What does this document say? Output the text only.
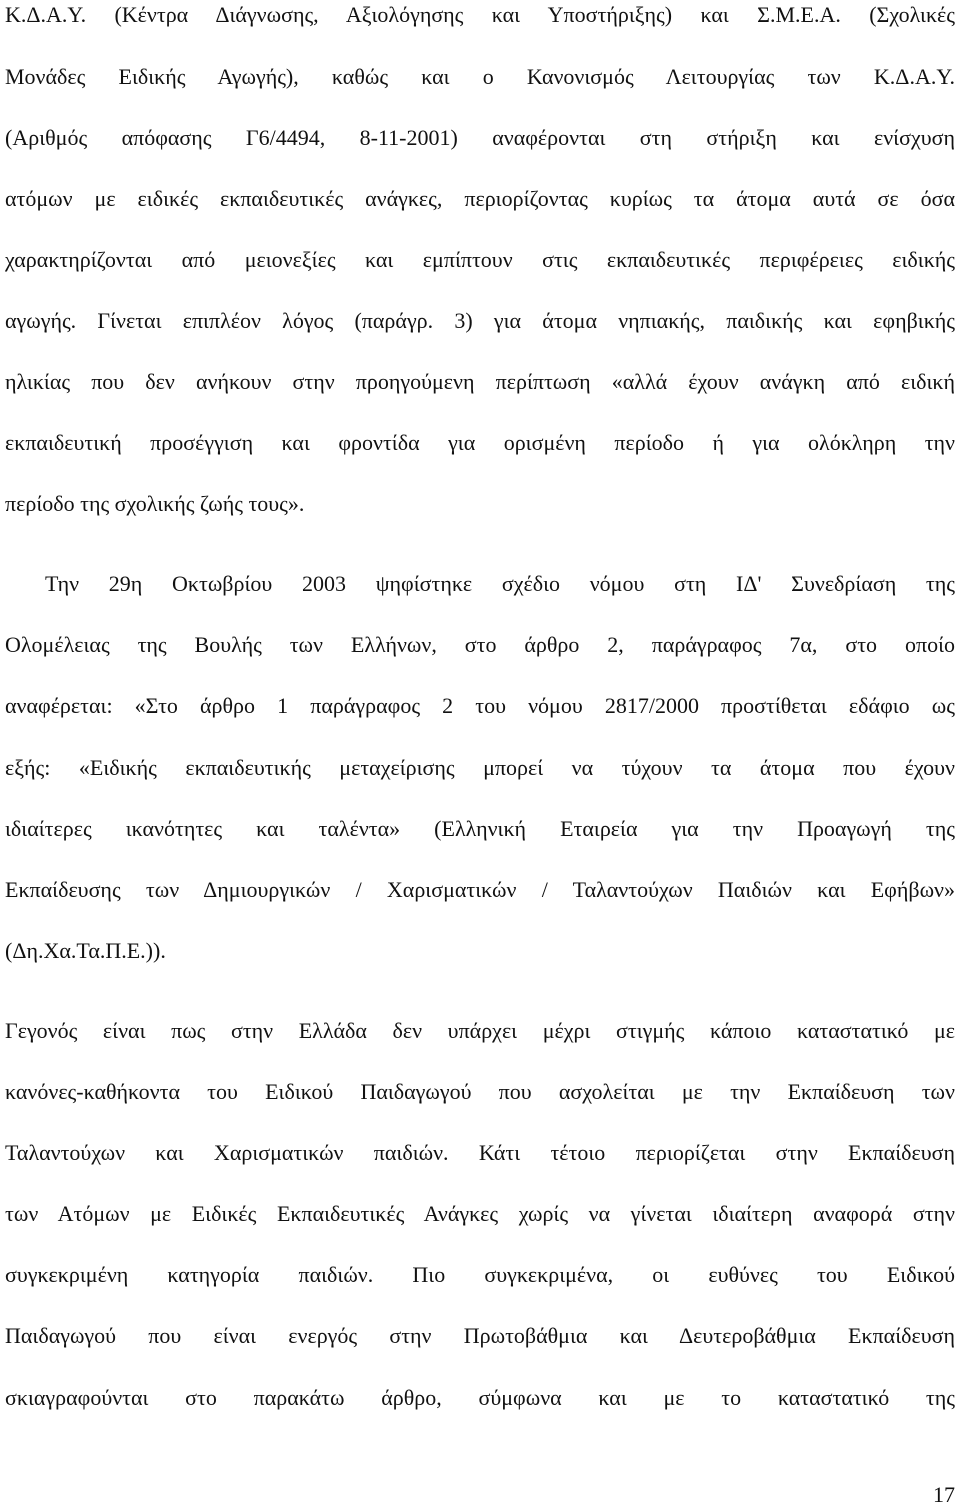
Κ.Δ.Α.Υ. (Κέντρα Διάγνωσης, Αξιολόγησης και Υποστήριξης) και Σ.Μ.Ε.Α. (Σχολικές

Μονάδες Ειδικής Αγωγής), καθώς και ο Κανονισμός Λειτουργίας των Κ.Δ.Α.Υ.

(Αριθμός απόφασης Γ6/4494, 8-11-2001) αναφέρονται στη στήριξη και ενίσχυση

ατόμων με ειδικές εκπαιδευτικές ανάγκες, περιορίζοντας κυρίως τα άτομα αυτά σε όσα

χαρακτηρίζονται από μειονεξίες και εμπίπτουν στις εκπαιδευτικές περιφέρειες ειδικής

αγωγής. Γίνεται επιπλέον λόγος (παράγρ. 3) για άτομα νηπιακής, παιδικής και εφηβικής

ηλικίας που δεν ανήκουν στην προηγούμενη περίπτωση «αλλά έχουν ανάγκη από ειδική

εκπαιδευτική προσέγγιση και φροντίδα για ορισμένη περίοδο ή για ολόκληρη την

περίοδο της σχολικής ζωής τους».

Την 29η Οκτωβρίου 2003 ψηφίστηκε σχέδιο νόμου στη ΙΔ' Συνεδρίαση της

Ολομέλειας της Βουλής των Ελλήνων, στο άρθρο 2, παράγραφος 7α, στο οποίο

αναφέρεται: «Στο άρθρο 1 παράγραφος 2 του νόμου 2817/2000 προστίθεται εδάφιο ως

εξής: «Ειδικής εκπαιδευτικής μεταχείρισης μπορεί να τύχουν τα άτομα που έχουν

ιδιαίτερες ικανότητες και ταλέντα» (Ελληνική Εταιρεία για την Προαγωγή της

Εκπαίδευσης των Δημιουργικών / Χαρισματικών / Ταλαντούχων Παιδιών και Εφήβων»

(Δη.Χα.Τα.Π.Ε.)).

Γεγονός είναι πως στην Ελλάδα δεν υπάρχει μέχρι στιγμής κάποιο καταστατικό με

κανόνες-καθήκοντα του Ειδικού Παιδαγωγού που ασχολείται με την Εκπαίδευση των

Ταλαντούχων και Χαρισματικών παιδιών. Κάτι τέτοιο περιορίζεται στην Εκπαίδευση

των Ατόμων με Ειδικές Εκπαιδευτικές Ανάγκες χωρίς να γίνεται ιδιαίτερη αναφορά στην

συγκεκριμένη κατηγορία παιδιών. Πιο συγκεκριμένα, οι ευθύνες του Ειδικού

Παιδαγωγού που είναι ενεργός στην Πρωτοβάθμια και Δευτεροβάθμια Εκπαίδευση

σκιαγραφούνται στο παρακάτω άρθρο, σύμφωνα και με το καταστατικό της

17
